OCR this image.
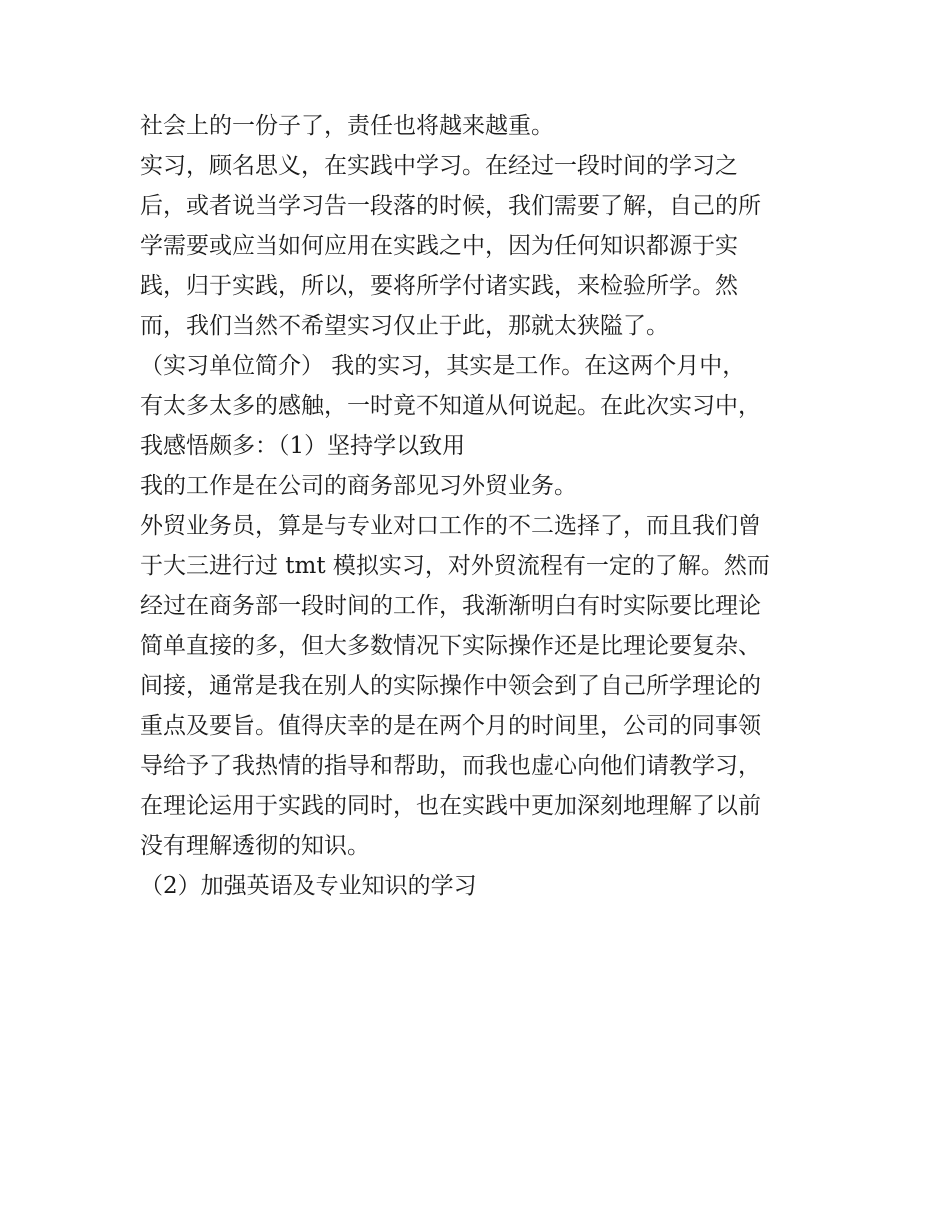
社会上的一份子了，责任也将越来越重。
实习，顾名思义，在实践中学习。在经过一段时间的学习之
后，或者说当学习告一段落的时候，我们需要了解，自己的所
学需要或应当如何应用在实践之中，因为任何知识都源于实
践，归于实践，所以，要将所学付诸实践，来检验所学。然
而，我们当然不希望实习仅止于此，那就太狭隘了。
（实习单位简介） 我的实习，其实是工作。在这两个月中，
有太多太多的感触，一时竟不知道从何说起。在此次实习中，
我感悟颇多：（1）坚持学以致用
我的工作是在公司的商务部见习外贸业务。
外贸业务员，算是与专业对口工作的不二选择了，而且我们曾
于大三进行过 tmt 模拟实习，对外贸流程有一定的了解。然而
经过在商务部一段时间的工作，我渐渐明白有时实际要比理论
简单直接的多，但大多数情况下实际操作还是比理论要复杂、
间接，通常是我在别人的实际操作中领会到了自己所学理论的
重点及要旨。值得庆幸的是在两个月的时间里，公司的同事领
导给予了我热情的指导和帮助，而我也虚心向他们请教学习，
在理论运用于实践的同时，也在实践中更加深刻地理解了以前
没有理解透彻的知识。
（2）加强英语及专业知识的学习
